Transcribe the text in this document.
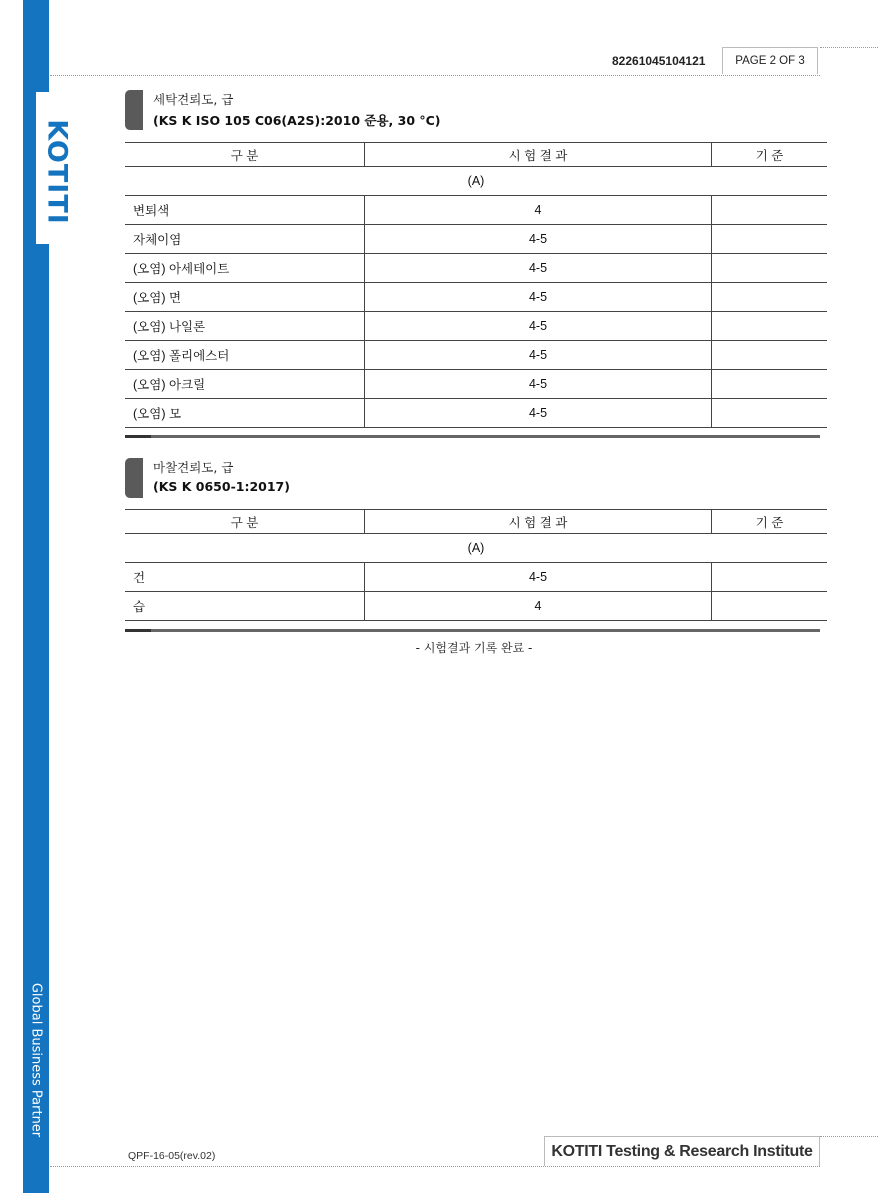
KOTITI
Global Business Partner
82261045104121	PAGE 2 OF 3
세탁견뢰도, 급
(KS K ISO 105 C06(A2S):2010 준용, 30 °C)
구 분	시 험 결 과	기 준
(A)		
변퇴색	4	
자체이염	4-5	
(오염) 아세테이트	4-5	
(오염) 면	4-5	
(오염) 나일론	4-5	
(오염) 폴리에스터	4-5	
(오염) 아크릴	4-5	
(오염) 모	4-5	
마찰견뢰도, 급
(KS K 0650-1:2017)
구 분	시 험 결 과	기 준
(A)		
건	4-5	
습	4	
- 시험결과 기록 완료 -
QPF-16-05(rev.02)	KOTITI Testing & Research Institute
